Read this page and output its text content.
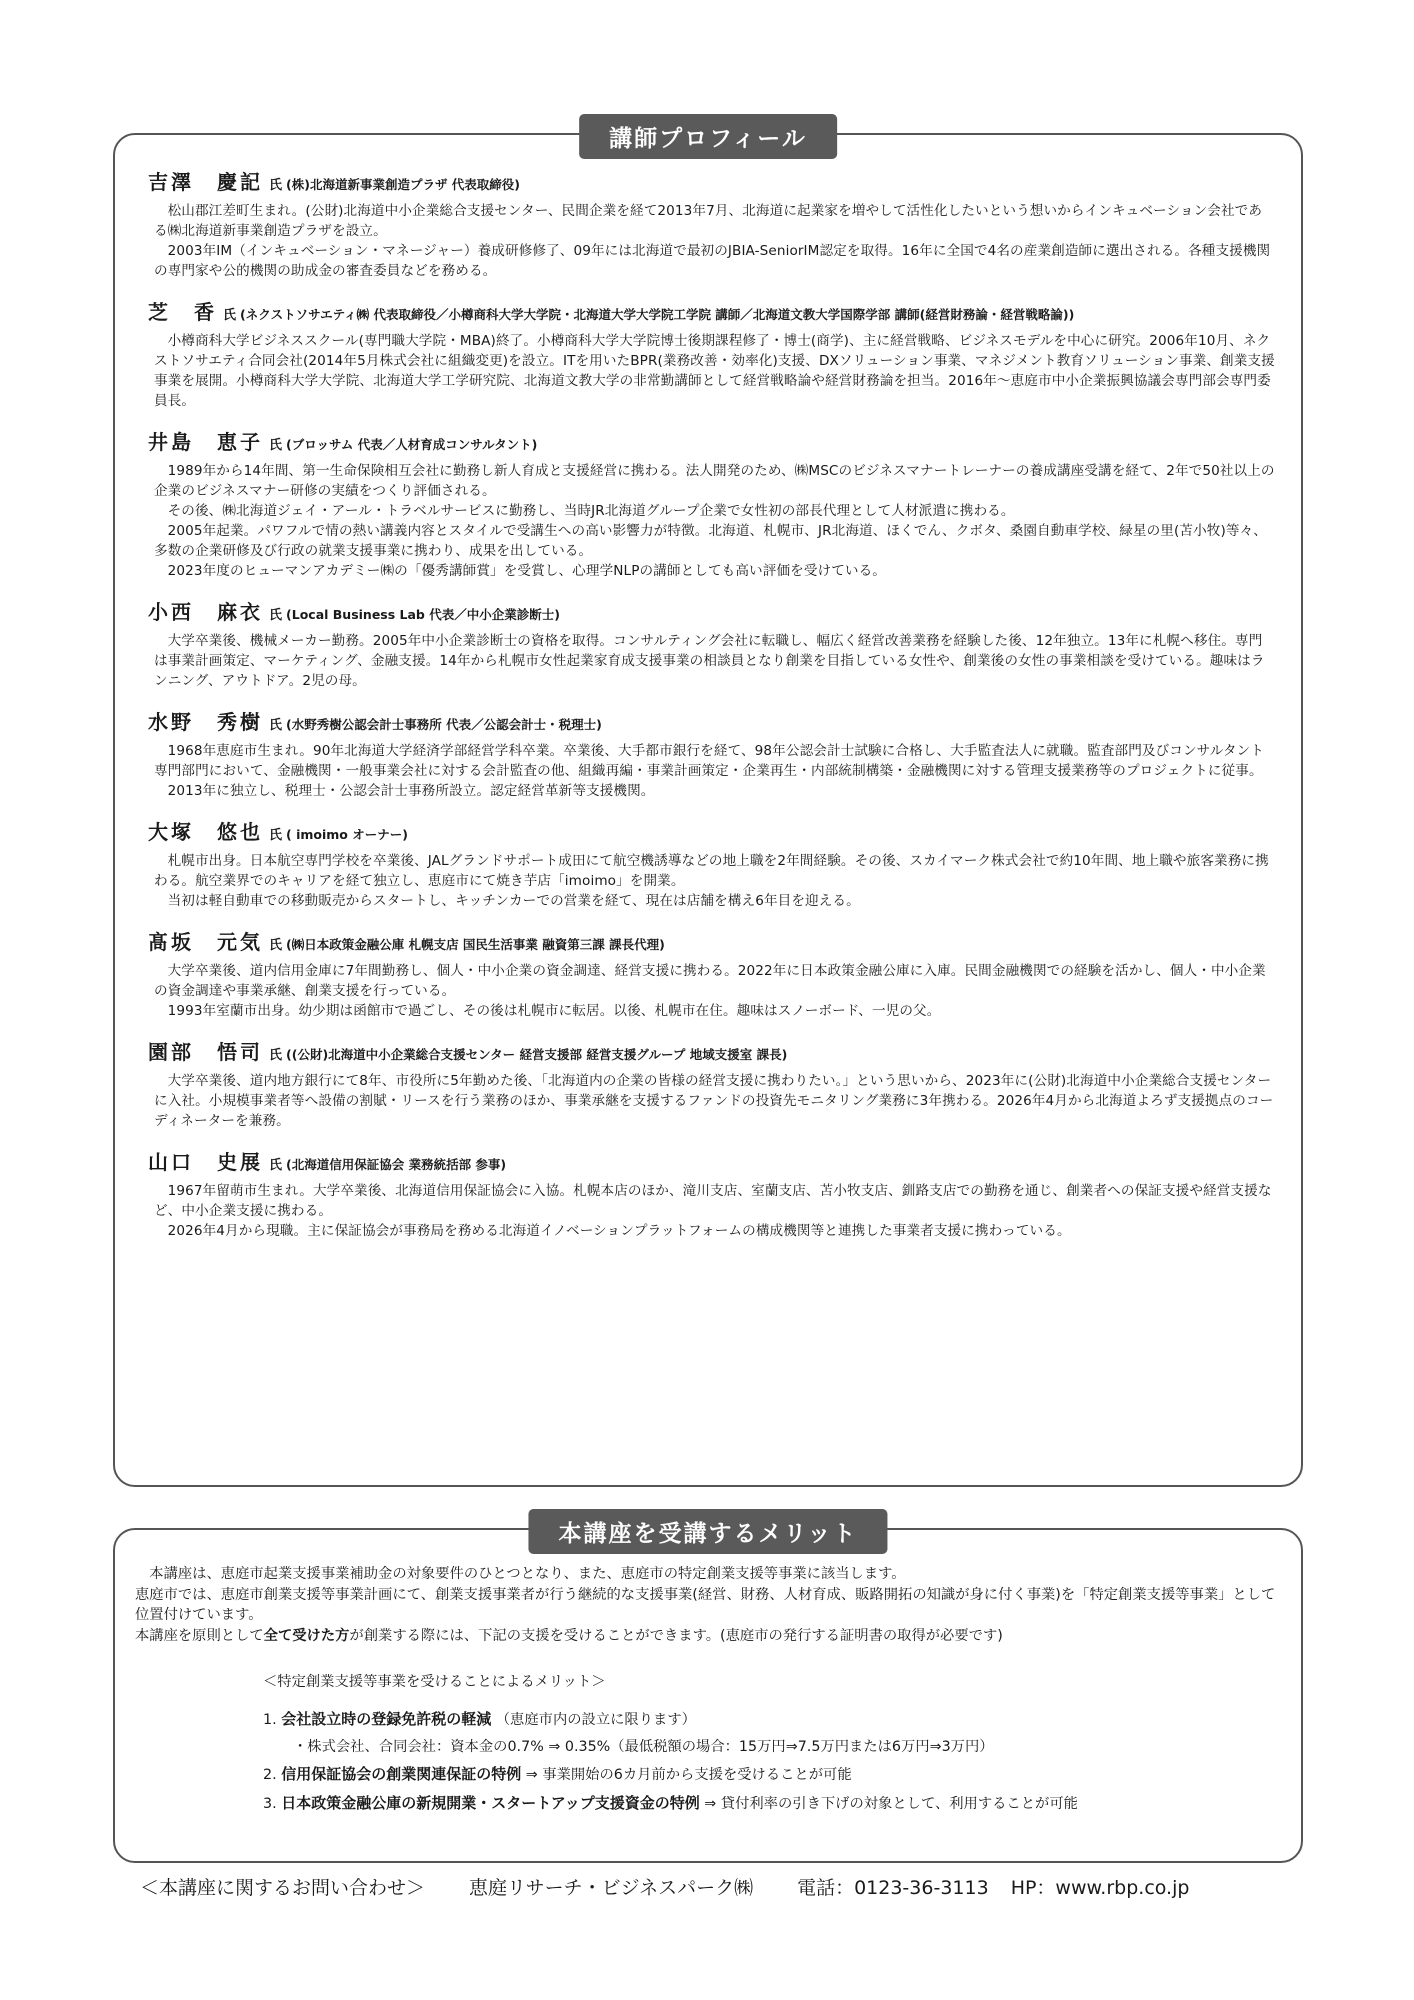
講師プロフィール
吉澤　慶記 氏 (株)北海道新事業創造プラザ 代表取締役)

松山郡江差町生まれ。(公財)北海道中小企業総合支援センター、民間企業を経て2013年7月、北海道に起業家を増やして活性化したいという想いからインキュベーション会社である㈱北海道新事業創造プラザを設立。

2003年IM（インキュベーション・マネージャー）養成研修修了、09年には北海道で最初のJBIA-SeniorIM認定を取得。16年に全国で4名の産業創造師に選出される。各種支援機関の専門家や公的機関の助成金の審査委員などを務める。

芝　香 氏 (ネクストソサエティ㈱ 代表取締役／小樽商科大学大学院・北海道大学大学院工学院 講師／北海道文教大学国際学部 講師(経営財務論・経営戦略論))

小樽商科大学ビジネススクール(専門職大学院・MBA)終了。小樽商科大学大学院博士後期課程修了・博士(商学)、主に経営戦略、ビジネスモデルを中心に研究。2006年10月、ネクストソサエティ合同会社(2014年5月株式会社に組織変更)を設立。ITを用いたBPR(業務改善・効率化)支援、DXソリューション事業、マネジメント教育ソリューション事業、創業支援事業を展開。小樽商科大学大学院、北海道大学工学研究院、北海道文教大学の非常勤講師として経営戦略論や経営財務論を担当。2016年〜恵庭市中小企業振興協議会専門部会専門委員長。

井島　恵子 氏 (ブロッサム 代表／人材育成コンサルタント)

1989年から14年間、第一生命保険相互会社に勤務し新人育成と支援経営に携わる。法人開発のため、㈱MSCのビジネスマナートレーナーの養成講座受講を経て、2年で50社以上の企業のビジネスマナー研修の実績をつくり評価される。

その後、㈱北海道ジェイ・アール・トラベルサービスに勤務し、当時JR北海道グループ企業で女性初の部長代理として人材派遣に携わる。

2005年起業。パワフルで情の熱い講義内容とスタイルで受講生への高い影響力が特徴。北海道、札幌市、JR北海道、ほくでん、クボタ、桑園自動車学校、緑星の里(苫小牧)等々、多数の企業研修及び行政の就業支援事業に携わり、成果を出している。

2023年度のヒューマンアカデミー㈱の「優秀講師賞」を受賞し、心理学NLPの講師としても高い評価を受けている。

小西　麻衣 氏 (Local Business Lab 代表／中小企業診断士)

大学卒業後、機械メーカー勤務。2005年中小企業診断士の資格を取得。コンサルティング会社に転職し、幅広く経営改善業務を経験した後、12年独立。13年に札幌へ移住。専門は事業計画策定、マーケティング、金融支援。14年から札幌市女性起業家育成支援事業の相談員となり創業を目指している女性や、創業後の女性の事業相談を受けている。趣味はランニング、アウトドア。2児の母。

水野　秀樹 氏 (水野秀樹公認会計士事務所 代表／公認会計士・税理士)

1968年恵庭市生まれ。90年北海道大学経済学部経営学科卒業。卒業後、大手都市銀行を経て、98年公認会計士試験に合格し、大手監査法人に就職。監査部門及びコンサルタント専門部門において、金融機関・一般事業会社に対する会計監査の他、組織再編・事業計画策定・企業再生・内部統制構築・金融機関に対する管理支援業務等のプロジェクトに従事。

2013年に独立し、税理士・公認会計士事務所設立。認定経営革新等支援機関。

大塚　悠也 氏 ( imoimo オーナー)

札幌市出身。日本航空専門学校を卒業後、JALグランドサポート成田にて航空機誘導などの地上職を2年間経験。その後、スカイマーク株式会社で約10年間、地上職や旅客業務に携わる。航空業界でのキャリアを経て独立し、恵庭市にて焼き芋店「imoimo」を開業。

当初は軽自動車での移動販売からスタートし、キッチンカーでの営業を経て、現在は店舗を構え6年目を迎える。

髙坂　元気 氏 (㈱日本政策金融公庫 札幌支店 国民生活事業 融資第三課 課長代理)

大学卒業後、道内信用金庫に7年間勤務し、個人・中小企業の資金調達、経営支援に携わる。2022年に日本政策金融公庫に入庫。民間金融機関での経験を活かし、個人・中小企業の資金調達や事業承継、創業支援を行っている。

1993年室蘭市出身。幼少期は函館市で過ごし、その後は札幌市に転居。以後、札幌市在住。趣味はスノーボード、一児の父。

園部　悟司 氏 ((公財)北海道中小企業総合支援センター 経営支援部 経営支援グループ 地域支援室 課長)

大学卒業後、道内地方銀行にて8年、市役所に5年勤めた後、「北海道内の企業の皆様の経営支援に携わりたい。」という思いから、2023年に(公財)北海道中小企業総合支援センターに入社。小規模事業者等へ設備の割賦・リースを行う業務のほか、事業承継を支援するファンドの投資先モニタリング業務に3年携わる。2026年4月から北海道よろず支援拠点のコーディネーターを兼務。

山口　史展 氏 (北海道信用保証協会 業務統括部 参事)

1967年留萌市生まれ。大学卒業後、北海道信用保証協会に入協。札幌本店のほか、滝川支店、室蘭支店、苫小牧支店、釧路支店での勤務を通じ、創業者への保証支援や経営支援など、中小企業支援に携わる。

2026年4月から現職。主に保証協会が事務局を務める北海道イノベーションプラットフォームの構成機関等と連携した事業者支援に携わっている。

本講座を受講するメリット

本講座は、恵庭市起業支援事業補助金の対象要件のひとつとなり、また、恵庭市の特定創業支援等事業に該当します。

恵庭市では、恵庭市創業支援等事業計画にて、創業支援事業者が行う継続的な支援事業(経営、財務、人材育成、販路開拓の知識が身に付く事業)を「特定創業支援等事業」として位置付けています。

本講座を原則として全て受けた方が創業する際には、下記の支援を受けることができます。(恵庭市の発行する証明書の取得が必要です)

＜特定創業支援等事業を受けることによるメリット＞
1. 会社設立時の登録免許税の軽減 （恵庭市内の設立に限ります）
・株式会社、合同会社：資本金の0.7% ⇒ 0.35%（最低税額の場合：15万円⇒7.5万円または6万円⇒3万円）
2. 信用保証協会の創業関連保証の特例 ⇒ 事業開始の6カ月前から支援を受けることが可能
3. 日本政策金融公庫の新規開業・スタートアップ支援資金の特例 ⇒ 貸付利率の引き下げの対象として、利用することが可能
＜本講座に関するお問い合わせ＞ 恵庭リサーチ・ビジネスパーク㈱ 電話：0123-36-3113 HP：www.rbp.co.jp
